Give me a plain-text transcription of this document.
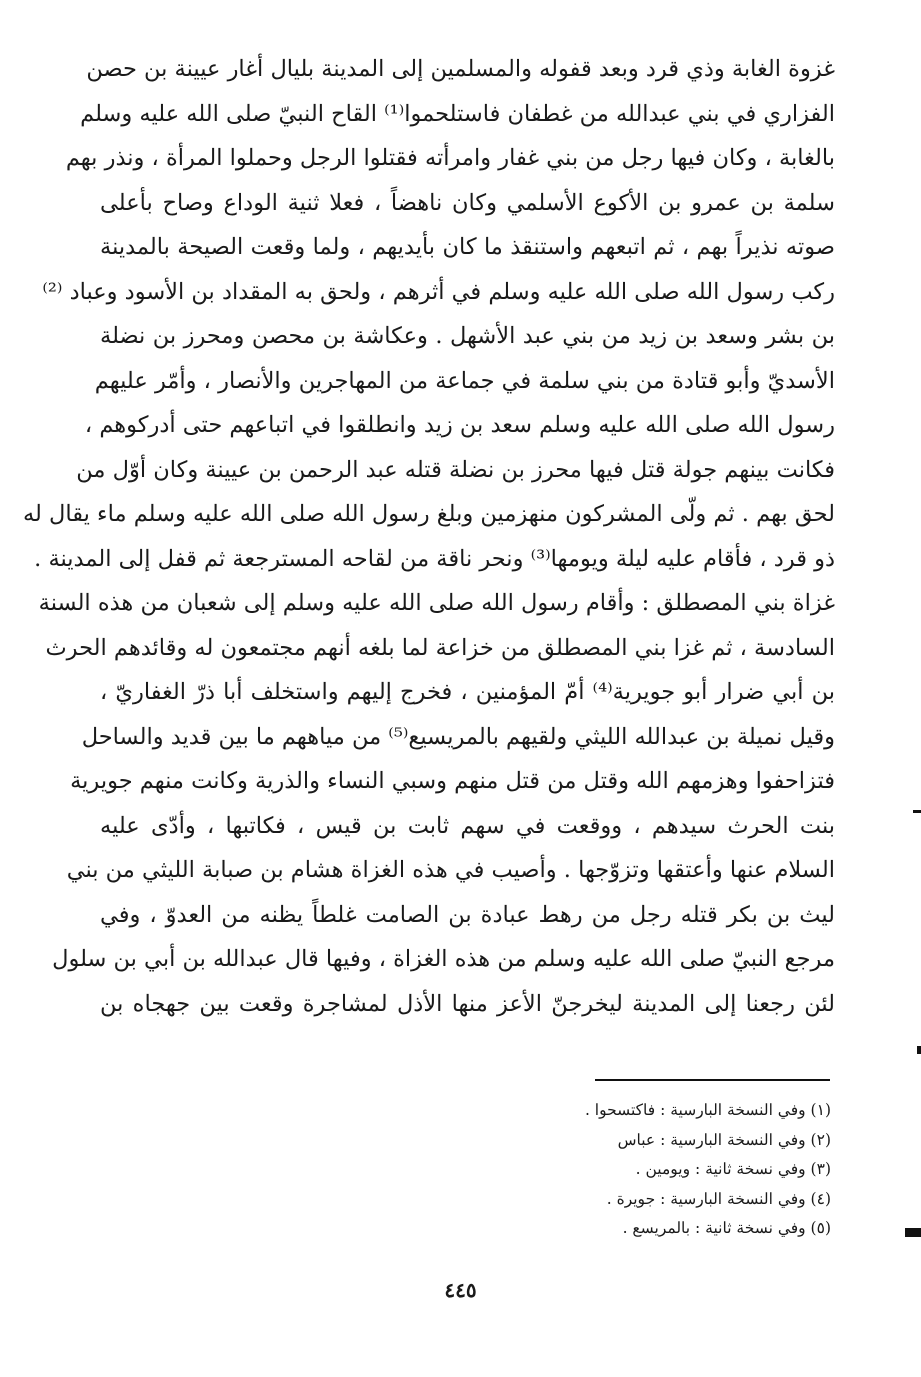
غزوة الغابة وذي قرد وبعد قفوله والمسلمين إلى المدينة بليال أغار عيينة بن حصن
الفزاري في بني عبدالله من غطفان فاستلحموا⁽¹⁾ القاح النبيّ صلى الله عليه وسلم
بالغابة ، وكان فيها رجل من بني غفار وامرأته فقتلوا الرجل وحملوا المرأة ، ونذر بهم
سلمة بن عمرو بن الأكوع الأسلمي وكان ناهضاً ، فعلا ثنية الوداع وصاح بأعلى
صوته نذيراً بهم ، ثم اتبعهم واستنقذ ما كان بأيديهم ، ولما وقعت الصيحة بالمدينة
ركب رسول الله صلى الله عليه وسلم في أثرهم ، ولحق به المقداد بن الأسود وعباد ⁽²⁾
بن بشر وسعد بن زيد من بني عبد الأشهل . وعكاشة بن محصن ومحرز بن نضلة
الأسديّ وأبو قتادة من بني سلمة في جماعة من المهاجرين والأنصار ، وأمّر عليهم
رسول الله صلى الله عليه وسلم سعد بن زيد وانطلقوا في اتباعهم حتى أدركوهم ،
فكانت بينهم جولة قتل فيها محرز بن نضلة قتله عبد الرحمن بن عيينة وكان أوّل من
لحق بهم . ثم ولّى المشركون منهزمين وبلغ رسول الله صلى الله عليه وسلم ماء يقال له
ذو قرد ، فأقام عليه ليلة ويومها⁽³⁾ ونحر ناقة من لقاحه المسترجعة ثم قفل إلى المدينة .
غزاة بني المصطلق : وأقام رسول الله صلى الله عليه وسلم إلى شعبان من هذه السنة
السادسة ، ثم غزا بني المصطلق من خزاعة لما بلغه أنهم مجتمعون له وقائدهم الحرث
بن أبي ضرار أبو جويرية⁽⁴⁾ أمّ المؤمنين ، فخرج إليهم واستخلف أبا ذرّ الغفاريّ ،
وقيل نميلة بن عبدالله الليثي ولقيهم بالمريسيع⁽⁵⁾ من مياههم ما بين قديد والساحل
فتزاحفوا وهزمهم الله وقتل من قتل منهم وسبي النساء والذرية وكانت منهم جويرية
بنت الحرث سيدهم ، ووقعت في سهم ثابت بن قيس ، فكاتبها ، وأدّى عليه
السلام عنها وأعتقها وتزوّجها . وأصيب في هذه الغزاة هشام بن صبابة الليثي من بني
ليث بن بكر قتله رجل من رهط عبادة بن الصامت غلطاً يظنه من العدوّ ، وفي
مرجع النبيّ صلى الله عليه وسلم من هذه الغزاة ، وفيها قال عبدالله بن أبي بن سلول
لئن رجعنا إلى المدينة ليخرجنّ الأعز منها الأذل لمشاجرة وقعت بين جهجاه بن
(١) وفي النسخة البارسية : فاكتسحوا .
(٢) وفي النسخة البارسية : عباس
(٣) وفي نسخة ثانية : ويومين .
(٤) وفي النسخة البارسية : جويرة .
(٥) وفي نسخة ثانية : بالمريسع .
٤٤٥
